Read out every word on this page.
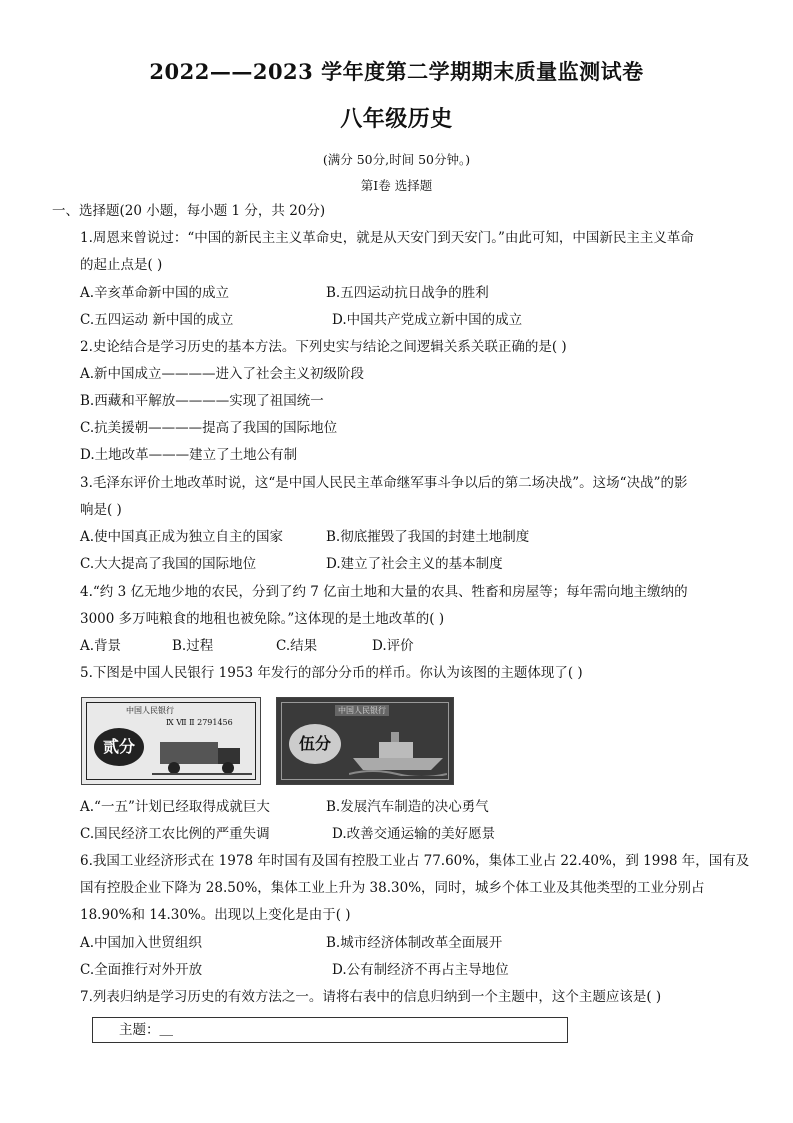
2022——2023 学年度第二学期期末质量监测试卷
八年级历史
(满分 50分,时间 50分钟。)
第Ⅰ卷 选择题
一、选择题(20 小题，每小题 1 分，共 20分)
1.周恩来曾说过：“中国的新民主主义革命史，就是从天安门到天安门。”由此可知，中国新民主主义革命
的起止点是( )
A.辛亥革命新中国的成立	B.五四运动抗日战争的胜利
C.五四运动 新中国的成立	D.中国共产党成立新中国的成立
2.史论结合是学习历史的基本方法。下列史实与结论之间逻辑关系关联正确的是( )
A.新中国成立————进入了社会主义初级阶段
B.西藏和平解放————实现了祖国统一
C.抗美援朝————提高了我国的国际地位
D.土地改革———建立了土地公有制
3.毛泽东评价土地改革时说，这“是中国人民民主革命继军事斗争以后的第二场决战”。这场“决战”的影
响是( )
A.使中国真正成为独立自主的国家	B.彻底摧毁了我国的封建土地制度
C.大大提高了我国的国际地位	D.建立了社会主义的基本制度
4.“约 3 亿无地少地的农民，分到了约 7 亿亩土地和大量的农具、牲畜和房屋等；每年需向地主缴纳的
3000 多万吨粮食的地租也被免除。”这体现的是土地改革的( )
A.背景	B.过程	C.结果	D.评价
5.下图是中国人民银行 1953 年发行的部分分币的样币。你认为该图的主题体现了( )
中国人民银行
Ⅸ Ⅶ Ⅱ 2791456
贰分
中国人民银行
伍分
A.“一五”计划已经取得成就巨大	B.发展汽车制造的决心勇气
C.国民经济工农比例的严重失调	D.改善交通运输的美好愿景
6.我国工业经济形式在 1978 年时国有及国有控股工业占 77.60%，集体工业占 22.40%，到 1998 年，国有及
国有控股企业下降为 28.50%，集体工业上升为 38.30%，同时，城乡个体工业及其他类型的工业分别占
18.90%和 14.30%。出现以上变化是由于( )
A.中国加入世贸组织	B.城市经济体制改革全面展开
C.全面推行对外开放	D.公有制经济不再占主导地位
7.列表归纳是学习历史的有效方法之一。请将右表中的信息归纳到一个主题中，这个主题应该是( )
主题：＿
